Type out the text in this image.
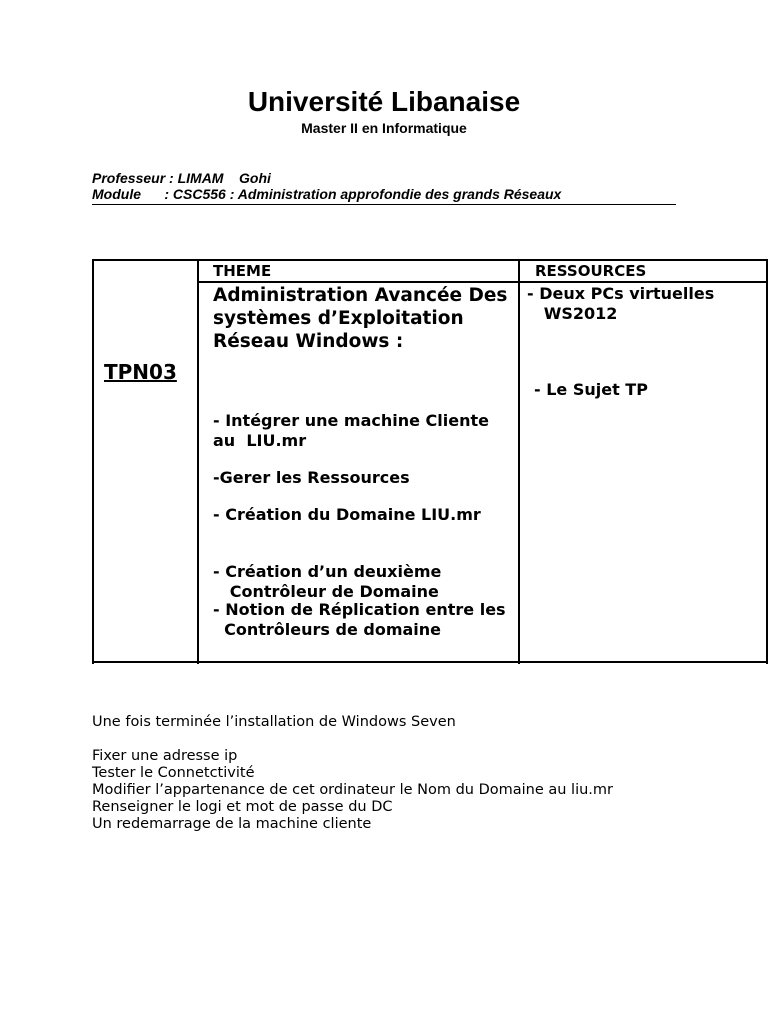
Université Libanaise
Master II en Informatique
Professeur : LIMAM    Gohi
Module      : CSC556 : Administration approfondie des grands Réseaux
TPN03
THEME	RESSOURCES
Administration Avancée Des systèmes d’Exploitation Réseau Windows :
- Intégrer une machine Cliente  au  LIU.mr
-Gerer les Ressources
- Création du Domaine LIU.mr
- Création d’un deuxième
Contrôleur de Domaine
- Notion de Réplication entre les
Contrôleurs de domaine
- Deux PCs virtuelles
WS2012
- Le Sujet TP
Une fois terminée l’installation de Windows Seven
Fixer une adresse ip
Tester le Connetctivité
Modifier l’appartenance de cet ordinateur le Nom du Domaine au liu.mr
Renseigner le logi et mot de passe du DC
Un redemarrage de la machine cliente
